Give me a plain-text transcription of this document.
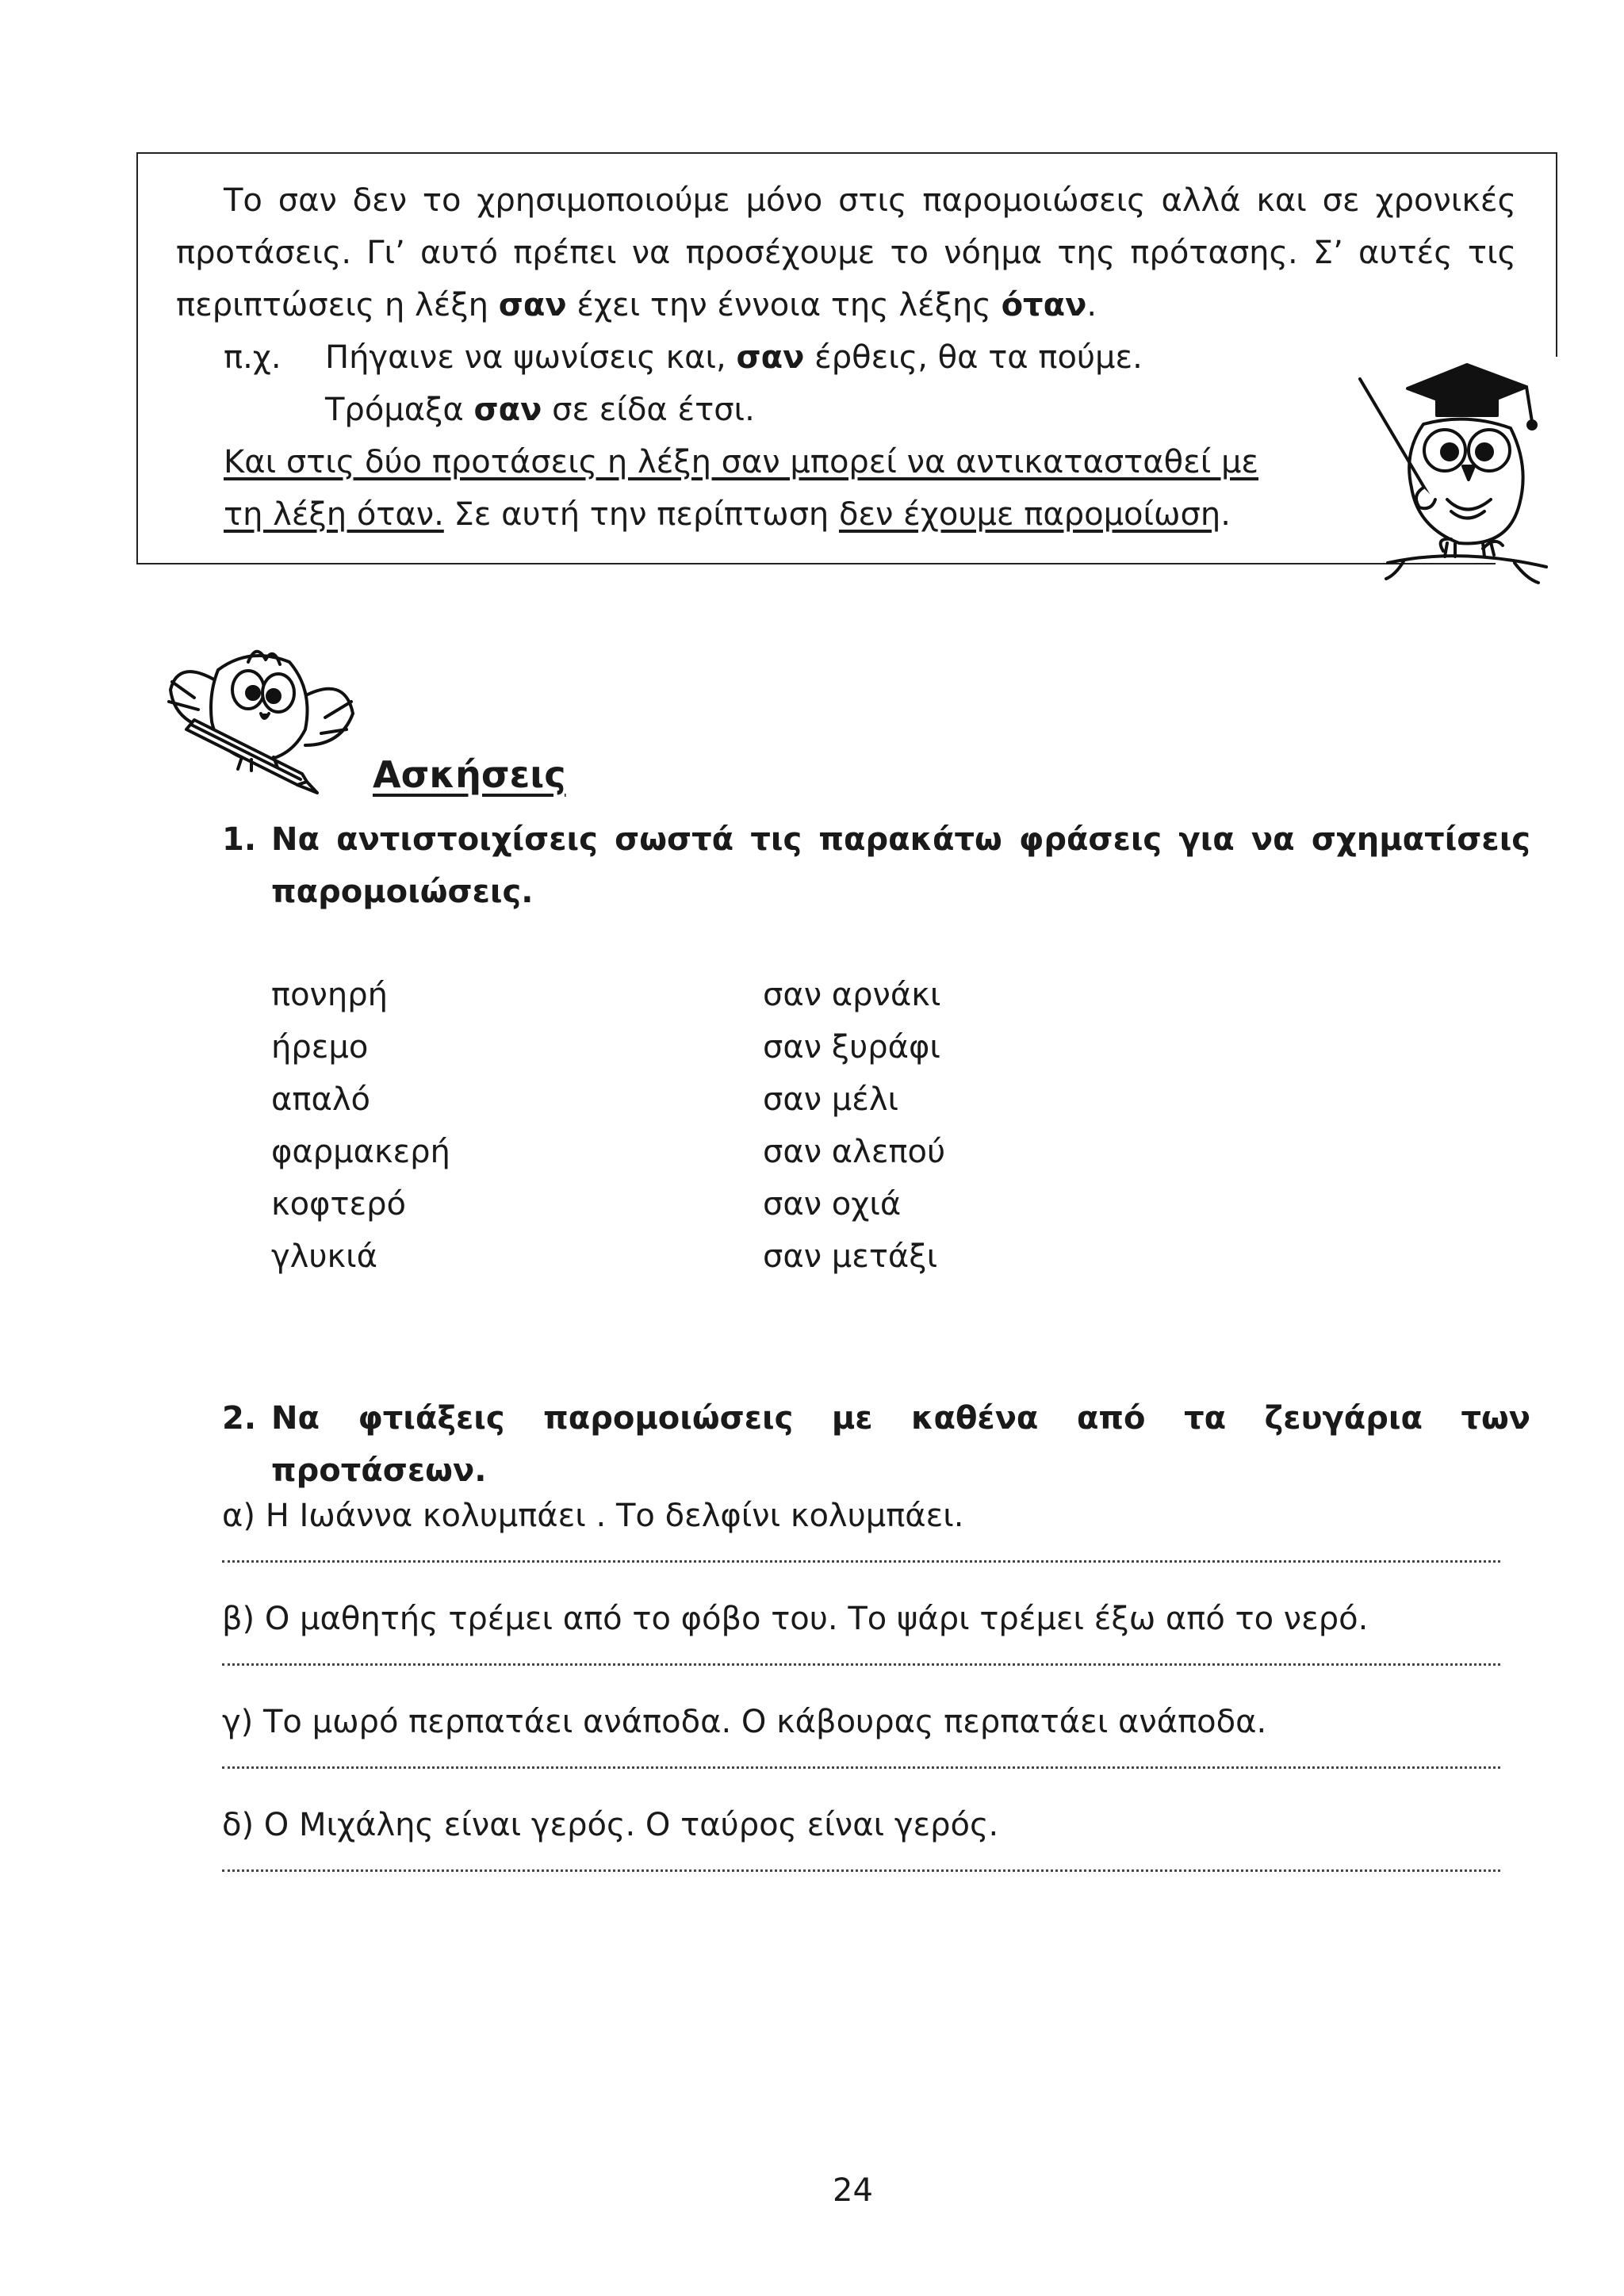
Το σαν δεν το χρησιμοποιούμε μόνο στις παρομοιώσεις αλλά και σε χρονικές προτάσεις. Γι’ αυτό πρέπει να προσέχουμε το νόημα της πρότασης. Σ’ αυτές τις περιπτώσεις η λέξη σαν έχει την έννοια της λέξης όταν.

π.χ. Πήγαινε να ψωνίσεις και, σαν έρθεις, θα τα πούμε.
Τρόμαξα σαν σε είδα έτσι.
Και στις δύο προτάσεις η λέξη σαν μπορεί να αντικατασταθεί με
τη λέξη όταν. Σε αυτή την περίπτωση δεν έχουμε παρομοίωση.
Ασκήσεις
1. Να αντιστοιχίσεις σωστά τις παρακάτω φράσεις για να σχηματίσεις παρομοιώσεις.
πονηρή	σαν αρνάκι
ήρεμο	σαν ξυράφι
απαλό	σαν μέλι
φαρμακερή	σαν αλεπού
κοφτερό	σαν οχιά
γλυκιά	σαν μετάξι
2. Να φτιάξεις παρομοιώσεις με καθένα από τα ζευγάρια των προτάσεων.
α) Η Ιωάννα κολυμπάει . Το δελφίνι κολυμπάει.
β) Ο μαθητής τρέμει από το φόβο του. Το ψάρι τρέμει έξω από το νερό.
γ) Το μωρό περπατάει ανάποδα. Ο κάβουρας περπατάει ανάποδα.
δ) Ο Μιχάλης είναι γερός. Ο ταύρος είναι γερός.
24
